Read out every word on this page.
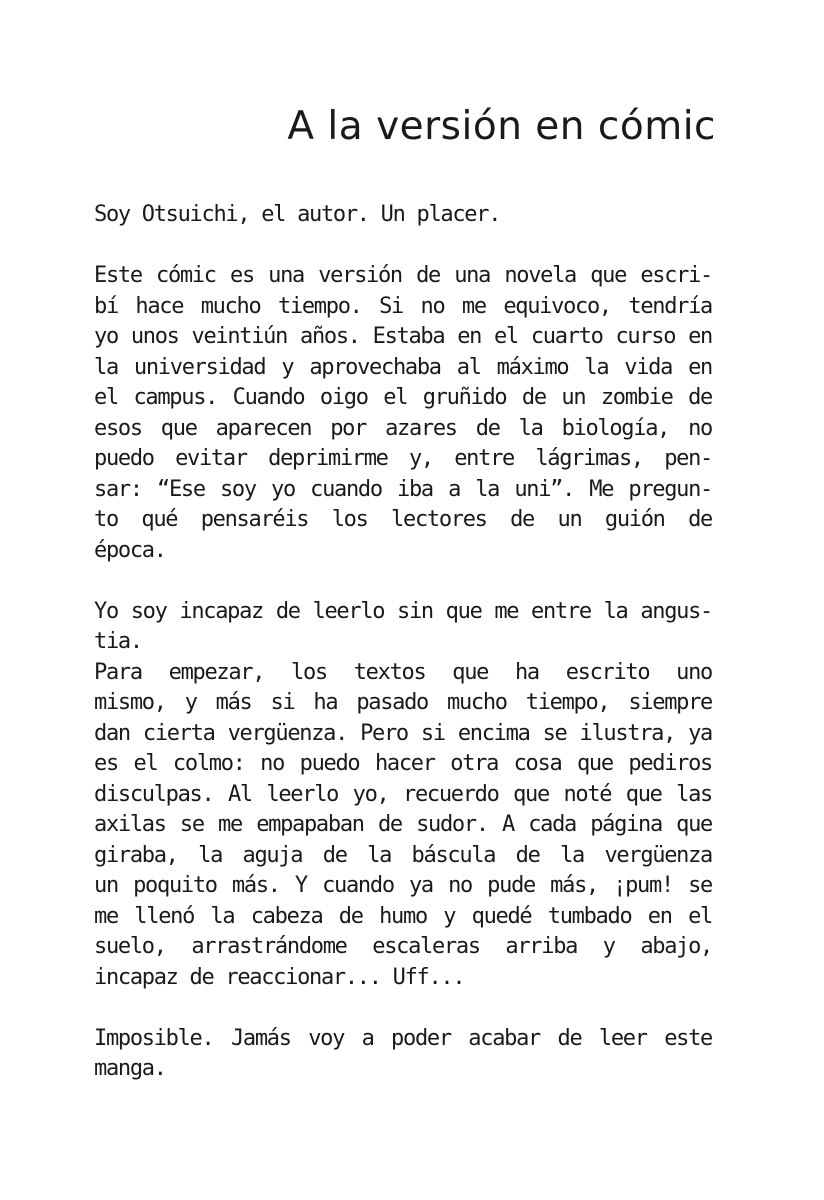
A la versión en cómic
Soy Otsuichi, el autor. Un placer.
Este cómic es una versión de una novela que escri-
bí hace mucho tiempo. Si no me equivoco, tendría
yo unos veintiún años. Estaba en el cuarto curso en
la universidad y aprovechaba al máximo la vida en
el campus. Cuando oigo el gruñido de un zombie de
esos que aparecen por azares de la biología, no
puedo evitar deprimirme y, entre lágrimas, pen-
sar: “Ese soy yo cuando iba a la uni”. Me pregun-
to qué pensaréis los lectores de un guión de
época.
Yo soy incapaz de leerlo sin que me entre la angus-
tia.
Para empezar, los textos que ha escrito uno
mismo, y más si ha pasado mucho tiempo, siempre
dan cierta vergüenza. Pero si encima se ilustra, ya
es el colmo: no puedo hacer otra cosa que pediros
disculpas. Al leerlo yo, recuerdo que noté que las
axilas se me empapaban de sudor. A cada página que
giraba, la aguja de la báscula de la vergüenza
un poquito más. Y cuando ya no pude más, ¡pum! se
me llenó la cabeza de humo y quedé tumbado en el
suelo, arrastrándome escaleras arriba y abajo,
incapaz de reaccionar... Uff...
Imposible. Jamás voy a poder acabar de leer este
manga.
